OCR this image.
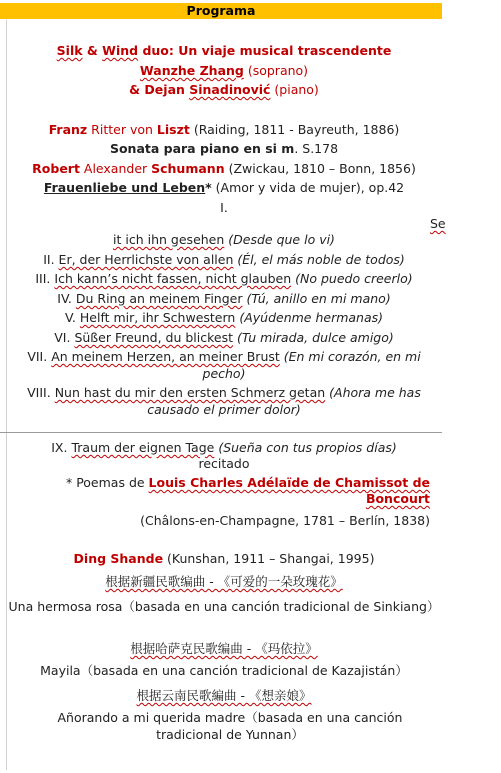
Programa
Silk & Wind duo: Un viaje musical trascendente
Wanzhe Zhang (soprano)
& Dejan Sinadinović (piano)
Franz Ritter von Liszt (Raiding, 1811 - Bayreuth, 1886)
Sonata para piano en si m. S.178
Robert Alexander Schumann (Zwickau, 1810 – Bonn, 1856)
Frauenliebe und Leben* (Amor y vida de mujer), op.42
I.
Se
it ich ihn gesehen (Desde que lo vi)
II. Er, der Herrlichste von allen (Él, el más noble de todos)
III. Ich kann’s nicht fassen, nicht glauben (No puedo creerlo)
IV. Du Ring an meinem Finger (Tú, anillo en mi mano)
V. Helft mir, ihr Schwestern (Ayúdenme hermanas)
VI. Süßer Freund, du blickest (Tu mirada, dulce amigo)
VII. An meinem Herzen, an meiner Brust (En mi corazón, en mi pecho)
VIII. Nun hast du mir den ersten Schmerz getan (Ahora me has causado el primer dolor)
IX. Traum der eignen Tage (Sueña con tus propios días)
recitado
* Poemas de Louis Charles Adélaïde de Chamissot de Boncourt
(Châlons-en-Champagne, 1781 – Berlín, 1838)
Ding Shande (Kunshan, 1911 – Shangai, 1995)
根据新疆民歌编曲 - 《可爱的一朵玫瑰花》
Una hermosa rosa（basada en una canción tradicional de Sinkiang）
根据哈萨克民歌编曲 - 《玛依拉》
Mayila（basada en una canción tradicional de Kazajistán）
根据云南民歌編曲 - 《想亲娘》
Añorando a mi querida madre（basada en una canción tradicional de Yunnan）
